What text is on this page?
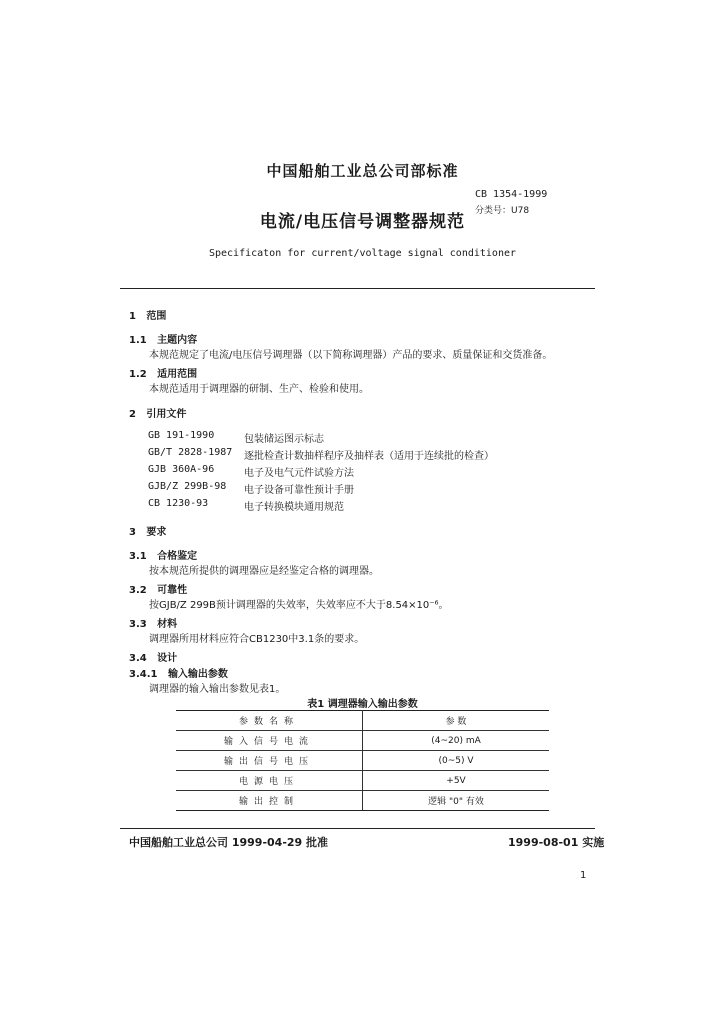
中国船舶工业总公司部标准
CB 1354-1999
分类号：U78
电流/电压信号调整器规范
Specificaton for current/voltage signal conditioner
1 范围
1.1 主题内容
本规范规定了电流/电压信号调理器（以下简称调理器）产品的要求、质量保证和交货准备。
1.2 适用范围
本规范适用于调理器的研制、生产、检验和使用。
2 引用文件
GB 191-1990	包装储运图示标志
GB/T 2828-1987 逐批检查计数抽样程序及抽样表（适用于连续批的检查）
GJB 360A-96	电子及电气元件试验方法
GJB/Z 299B-98 电子设备可靠性预计手册
CB 1230-93	电子转换模块通用规范
3 要求
3.1 合格鉴定
按本规范所提供的调理器应是经鉴定合格的调理器。
3.2 可靠性
按GJB/Z 299B预计调理器的失效率，失效率应不大于8.54×10⁻⁶。
3.3 材料
调理器所用材料应符合CB1230中3.1条的要求。
3.4 设计
3.4.1 输入输出参数
调理器的输入输出参数见表1。
表1 调理器输入输出参数
参数名称	参 数
输入信号电流	(4~20) mA
输出信号电压	(0~5) V
电源电压	+5V
输出控制	逻辑 "0" 有效
中国船舶工业总公司 1999-04-29 批准	1999-08-01 实施
1
